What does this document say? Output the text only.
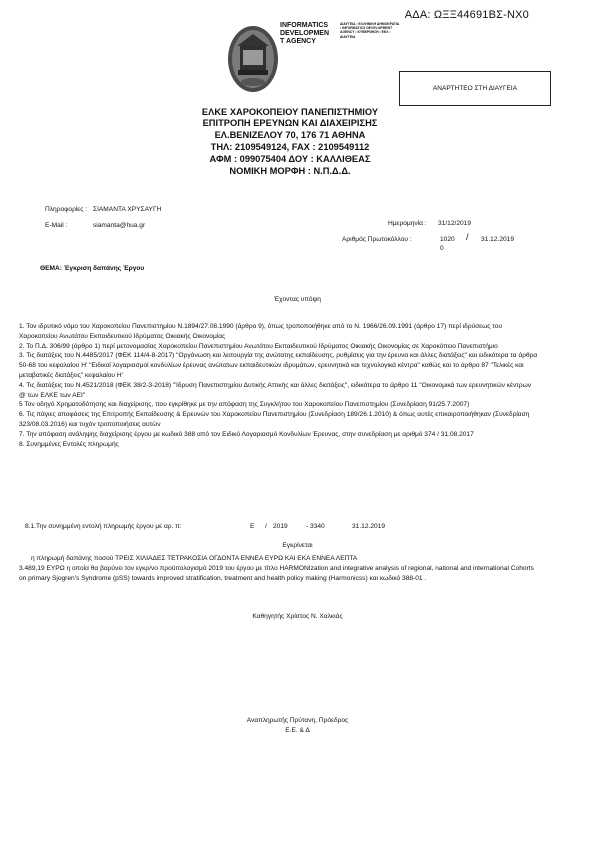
ΑΔΑ: ΩΞΞ44691ΒΣ-ΝΧ0
INFORMATICS
DEVELOPMEN
T AGENCY
ΔΙΑΥΓΕΙΑ • ΕΛΛΗΝΙΚΗ ΔΗΜΟΚΡΑΤΙΑ • INFORMATICS DEVELOPMENT AGENCY • ΚΥΒΕΡΝΗΣΗ • ΕΕΛ • ΔΙΑΥΓΕΙΑ
ΑΝΑΡΤΗΤΕΟ ΣΤΗ ΔΙΑΥΓΕΙΑ
ΕΛΚΕ ΧΑΡΟΚΟΠΕΙΟΥ ΠΑΝΕΠΙΣΤΗΜΙΟΥ
ΕΠΙΤΡΟΠΗ ΕΡΕΥΝΩΝ ΚΑΙ ΔΙΑΧΕΙΡΙΣΗΣ
ΕΛ.ΒΕΝΙΖΕΛΟΥ 70, 176 71 ΑΘΗΝΑ
ΤΗΛ: 2109549124, FAX : 2109549112
ΑΦΜ : 099075404 ΔΟΥ : ΚΑΛΛΙΘΕΑΣ
ΝΟΜΙΚΗ ΜΟΡΦΗ : Ν.Π.Δ.Δ.
Πληροφορίες : ΣΙΑΜΑΝΤΑ ΧΡΥΣΑΥΓΗ
E-Mail :	siamanta@hua.gr	Ημερομηνία : 31/12/2019
Αριθμός Πρωτοκόλλου :	1020 / 31.12.2019
0
ΘΕΜΑ: Έγκριση δαπάνης Έργου
Έχοντας υπόψη

1. Τον ιδρυτικό νόμο του Χαροκοπείου Πανεπιστημίου Ν.1894/27.08.1990 (άρθρο 9), όπως τροποποιήθηκε από το Ν. 1966/26.09.1991 (άρθρο 17) περί ιδρύσεως του Χαροκοπείου Ανωτάτου Εκπαιδευτικού Ιδρύματος Οικιακής Οικονομίας

2. Το Π.Δ. 306/99 (άρθρο 1) περί μετονομασίας Χαροκοπείου Πανεπιστημίου Ανωτάτου Εκπαιδευτικού Ιδρύματος Οικιακής Οικονομίας σε Χαροκόπειο Πανεπιστήμιο

3. Τις διατάξεις του Ν.4485/2017 (ΦΕΚ 114/4-8-2017) "Οργάνωση και λειτουργία της ανώτατης εκπαίδευσης, ρυθμίσεις για την έρευνα και άλλες διατάξεις" και ειδικότερα τα άρθρα 50-68 του κεφαλαίου Η' "Ειδικοί λογαριασμοί κονδυλίων έρευνας ανώτατων εκπαιδευτικών ιδρυμάτων, ερευνητικά και τεχνολογικά κέντρα" καθώς και το άρθρο 87 "Τελικές και μεταβατικές διατάξεις" κεφαλαίου Η'

4. Τις διατάξεις του Ν.4521/2018 (ΦΕΚ 38/2-3-2018) "Ίδρυση Πανεπιστημίου Δυτικής Αττικής και άλλες διατάξεις", ειδικότερα το άρθρο 11 "Οικονομικά των ερευνητικών κέντρων @ των ΕΛΚΕ των ΑΕΙ"

5 Τον οδηγό Χρηματοδότησης και διαχείρισης, που εγκρίθηκε με την απόφαση της Συγκλήτου του Χαροκοπείου Πανεπιστημίου (Συνεδρίαση 91/25.7.2007)

6. Τις πάγιες αποφάσεις της Επιτροπής Εκπαίδευσης & Ερευνών του Χαροκοπείου Πανεπιστημίου (Συνεδρίαση 189/26.1.2010) & όπως αυτές επικαιροποιήθηκαν (Συνεδρίαση 323/08.03.2016) και τυχόν τροποποιήσεις αυτών

7. Την απόφαση ανάληψης διαχείρισης έργου με κωδικό 388 από τον Ειδικό Λογαριασμό Κονδυλίων Έρευνας, στην συνεδρίαση με αριθμό 374 / 31.08.2017

8. Συνημμένες Εντολές πληρωμής

8.1.Την συνημμένη εντολή πληρωμής έργου με αρ. π:	Ε / 2019	- 3340	31.12.2019
Εγκρίνεται

η πληρωμή δαπάνης ποσού ΤΡΕΙΣ ΧΙΛΙΑΔΕΣ ΤΕΤΡΑΚΟΣΙΑ ΟΓΔΟΝΤΑ ΕΝΝΕΑ ΕΥΡΩ ΚΑΙ ΕΚΑ ΕΝΝΕΑ ΛΕΠΤΑ

3.489,19 ΕΥΡΩ η οποία θα βαρύνει τον εγκρ/νο προϋπολογισμό 2019 του έργου με τίτλο HARMONIzation and integrative analysis of regional, national and international Cohorts on primary Sjogren's Syndrome (pSS) towards improved stratification, treatment and health policy making (Harmonicss) και κωδικό 388-01 .

Καθηγητής Χρίστος Ν. Χαλκιάς
Αναπληρωτής Πρύτανη, Πρόεδρος
Ε.Ε. & Δ
